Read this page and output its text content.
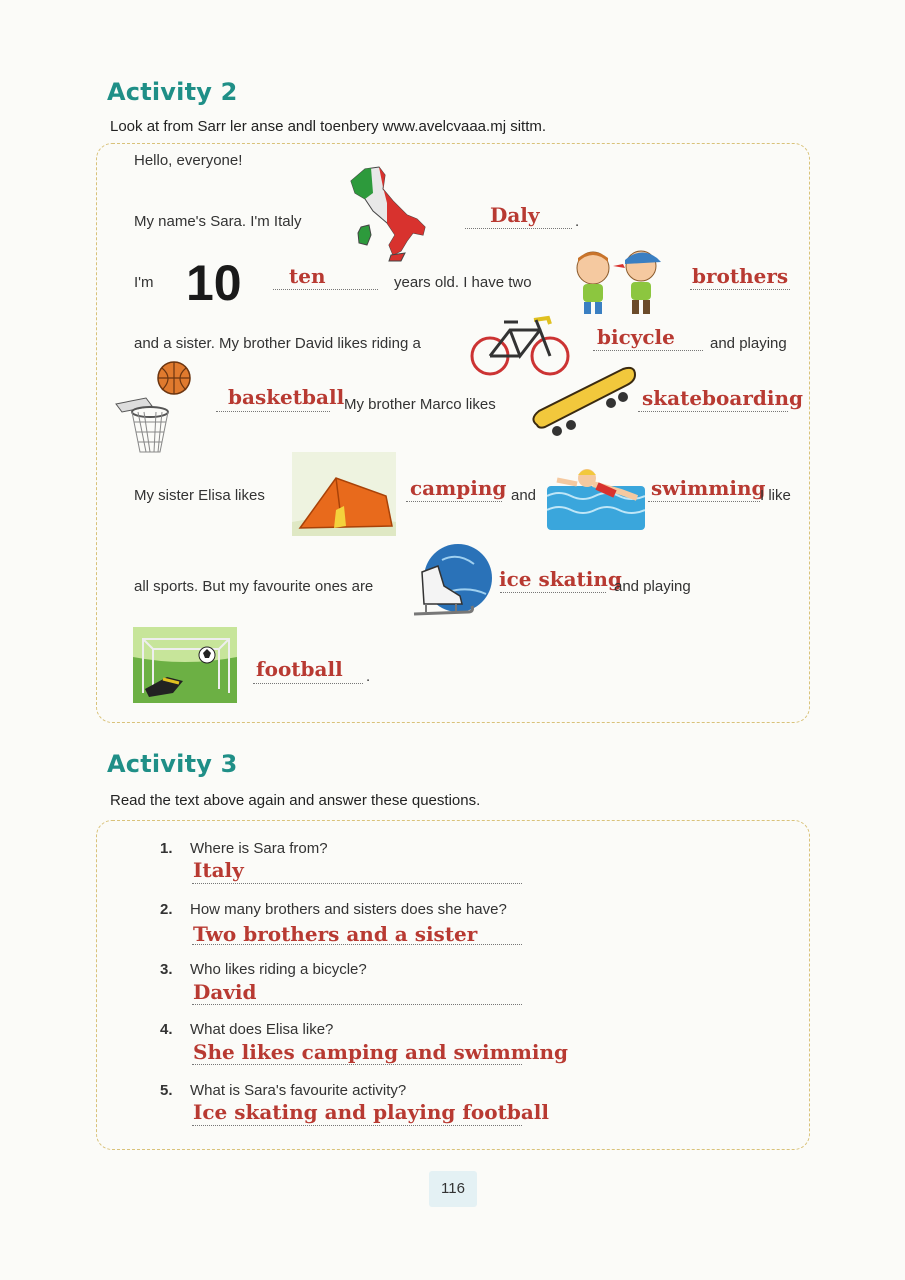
Activity 2
Look at from Sarr ler anse andl toenbery www.avelcvaaa.mj sittm.
Hello, everyone!
My name's Sara. I'm Italy	Daly .
I'm 10 ten	years old. I have two	brothers
and a sister. My brother David likes riding a	bicycle and playing
basketball My brother Marco likes	skateboarding
My sister Elisa likes	camping and	swimming
I like
all sports. But my favourite ones are	ice skating
and playing
football .
Activity 3
Read the text above again and answer these questions.
1. Where is Sara from?
Italy
2. How many brothers and sisters does she have?
Two brothers and a sister
3. Who likes riding a bicycle?
David
4. What does Elisa like?
She likes camping and swimming
5. What is Sara's favourite activity?
Ice skating and playing football
116
